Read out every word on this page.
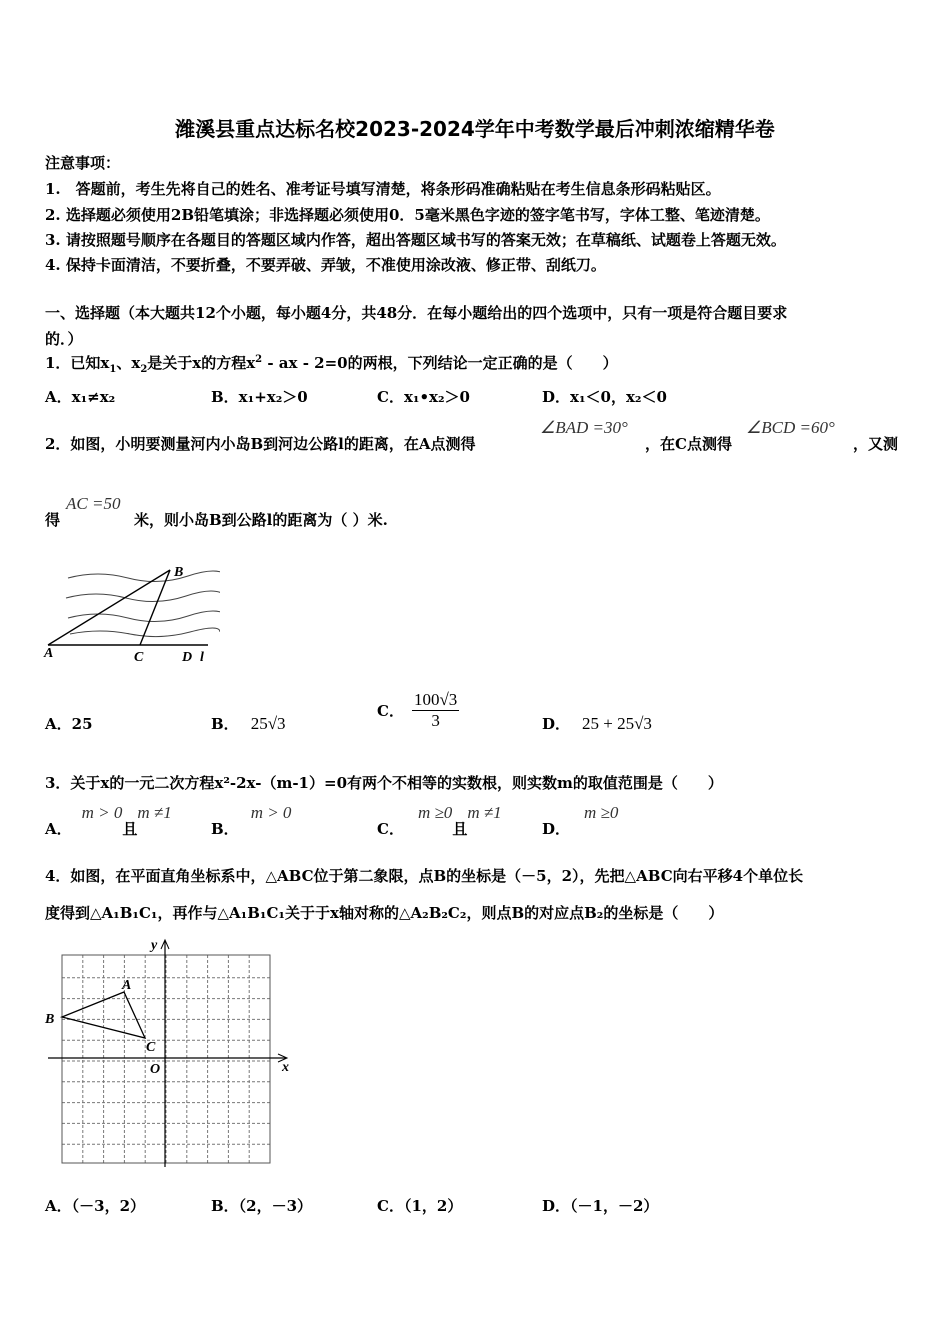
潍溪县重点达标名校2023-2024学年中考数学最后冲刺浓缩精华卷
注意事项：
1.　答题前，考生先将自己的姓名、准考证号填写清楚，将条形码准确粘贴在考生信息条形码粘贴区。
2. 选择题必须使用2B铅笔填涂；非选择题必须使用0．5毫米黑色字迹的签字笔书写，字体工整、笔迹清楚。
3. 请按照题号顺序在各题目的答题区域内作答，超出答题区域书写的答案无效；在草稿纸、试题卷上答题无效。
4. 保持卡面清洁，不要折叠，不要弄破、弄皱，不准使用涂改液、修正带、刮纸刀。
一、选择题（本大题共12个小题，每小题4分，共48分．在每小题给出的四个选项中，只有一项是符合题目要求
的．）
1．已知$x_1$、$x_2$是关于x的方程$x^2$ - ax - 2=0的两根，下列结论一定正确的是（　　）
A．x₁≠x₂	B．x₁+x₂＞0	C．x₁•x₂＞0	D．x₁＜0，x₂＜0
2．如图，小明要测量河内小岛B到河边公路l的距离，在A点测得
∠BAD =30°
，在C点测得
∠BCD =60°
，又测
得
AC =50
米，则小岛B到公路l的距离为（ ）米.
A
B
C	D l
A．25	B． 25√3
C． $\frac{100√3}{3}$	D． 25 + 25√3
3．关于x的一元二次方程x²-2x-（m-1）=0有两个不相等的实数根，则实数m的取值范围是（　　）
A．m > 0且m ≠1
B．m > 0
C．m ≥0且m ≠1
D．m ≥0
4．如图，在平面直角坐标系中，△ABC位于第二象限，点B的坐标是（－5，2），先把△ABC向右平移4个单位长
度得到△A₁B₁C₁，再作与△A₁B₁C₁关于于x轴对称的△A₂B₂C₂，则点B的对应点B₂的坐标是（　　）
y
x
O
A
B
C
A．（－3，2）	B．（2，－3）	C．（1，2）	D．（－1，－2）
